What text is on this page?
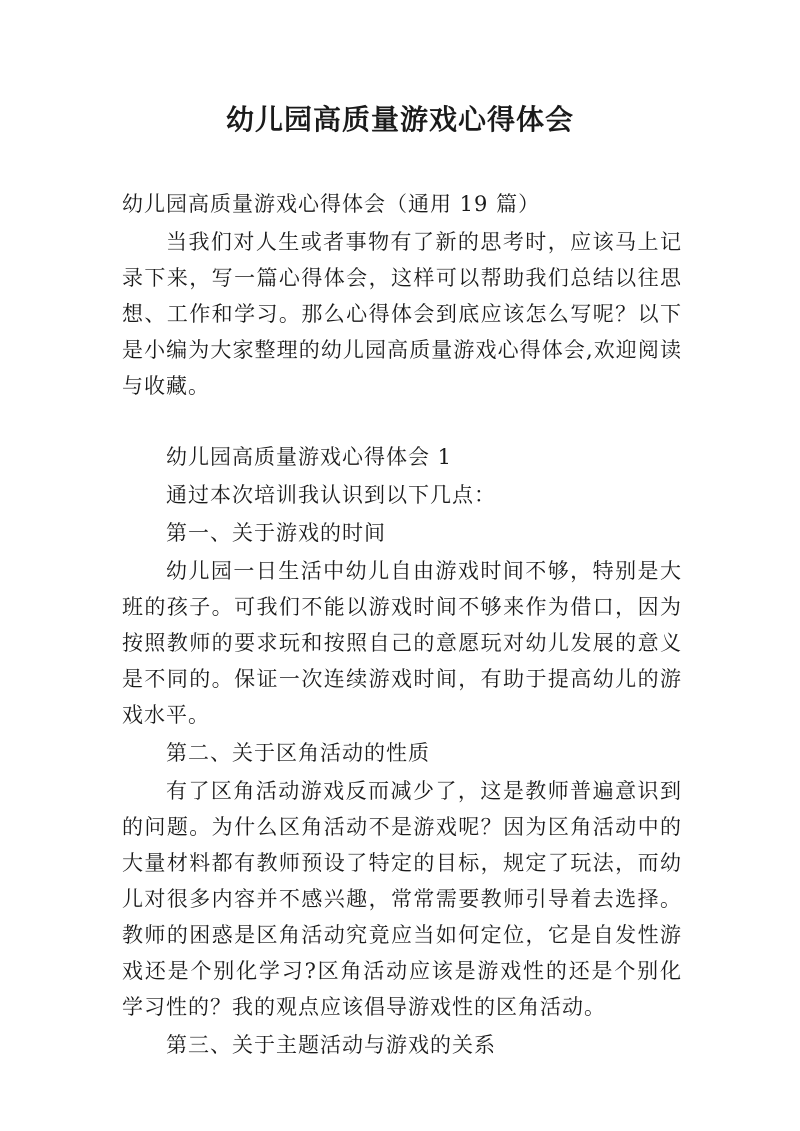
幼儿园高质量游戏心得体会

幼儿园高质量游戏心得体会（通用 19 篇）

当我们对人生或者事物有了新的思考时，应该马上记录下来，写一篇心得体会，这样可以帮助我们总结以往思想、工作和学习。那么心得体会到底应该怎么写呢？以下是小编为大家整理的幼儿园高质量游戏心得体会,欢迎阅读与收藏。

幼儿园高质量游戏心得体会 1

通过本次培训我认识到以下几点：

第一、关于游戏的时间

幼儿园一日生活中幼儿自由游戏时间不够，特别是大班的孩子。可我们不能以游戏时间不够来作为借口，因为按照教师的要求玩和按照自己的意愿玩对幼儿发展的意义是不同的。保证一次连续游戏时间，有助于提高幼儿的游戏水平。

第二、关于区角活动的性质

有了区角活动游戏反而减少了，这是教师普遍意识到的问题。为什么区角活动不是游戏呢？因为区角活动中的大量材料都有教师预设了特定的目标，规定了玩法，而幼儿对很多内容并不感兴趣，常常需要教师引导着去选择。教师的困惑是区角活动究竟应当如何定位，它是自发性游戏还是个别化学习?区角活动应该是游戏性的还是个别化学习性的？我的观点应该倡导游戏性的区角活动。

第三、关于主题活动与游戏的关系
